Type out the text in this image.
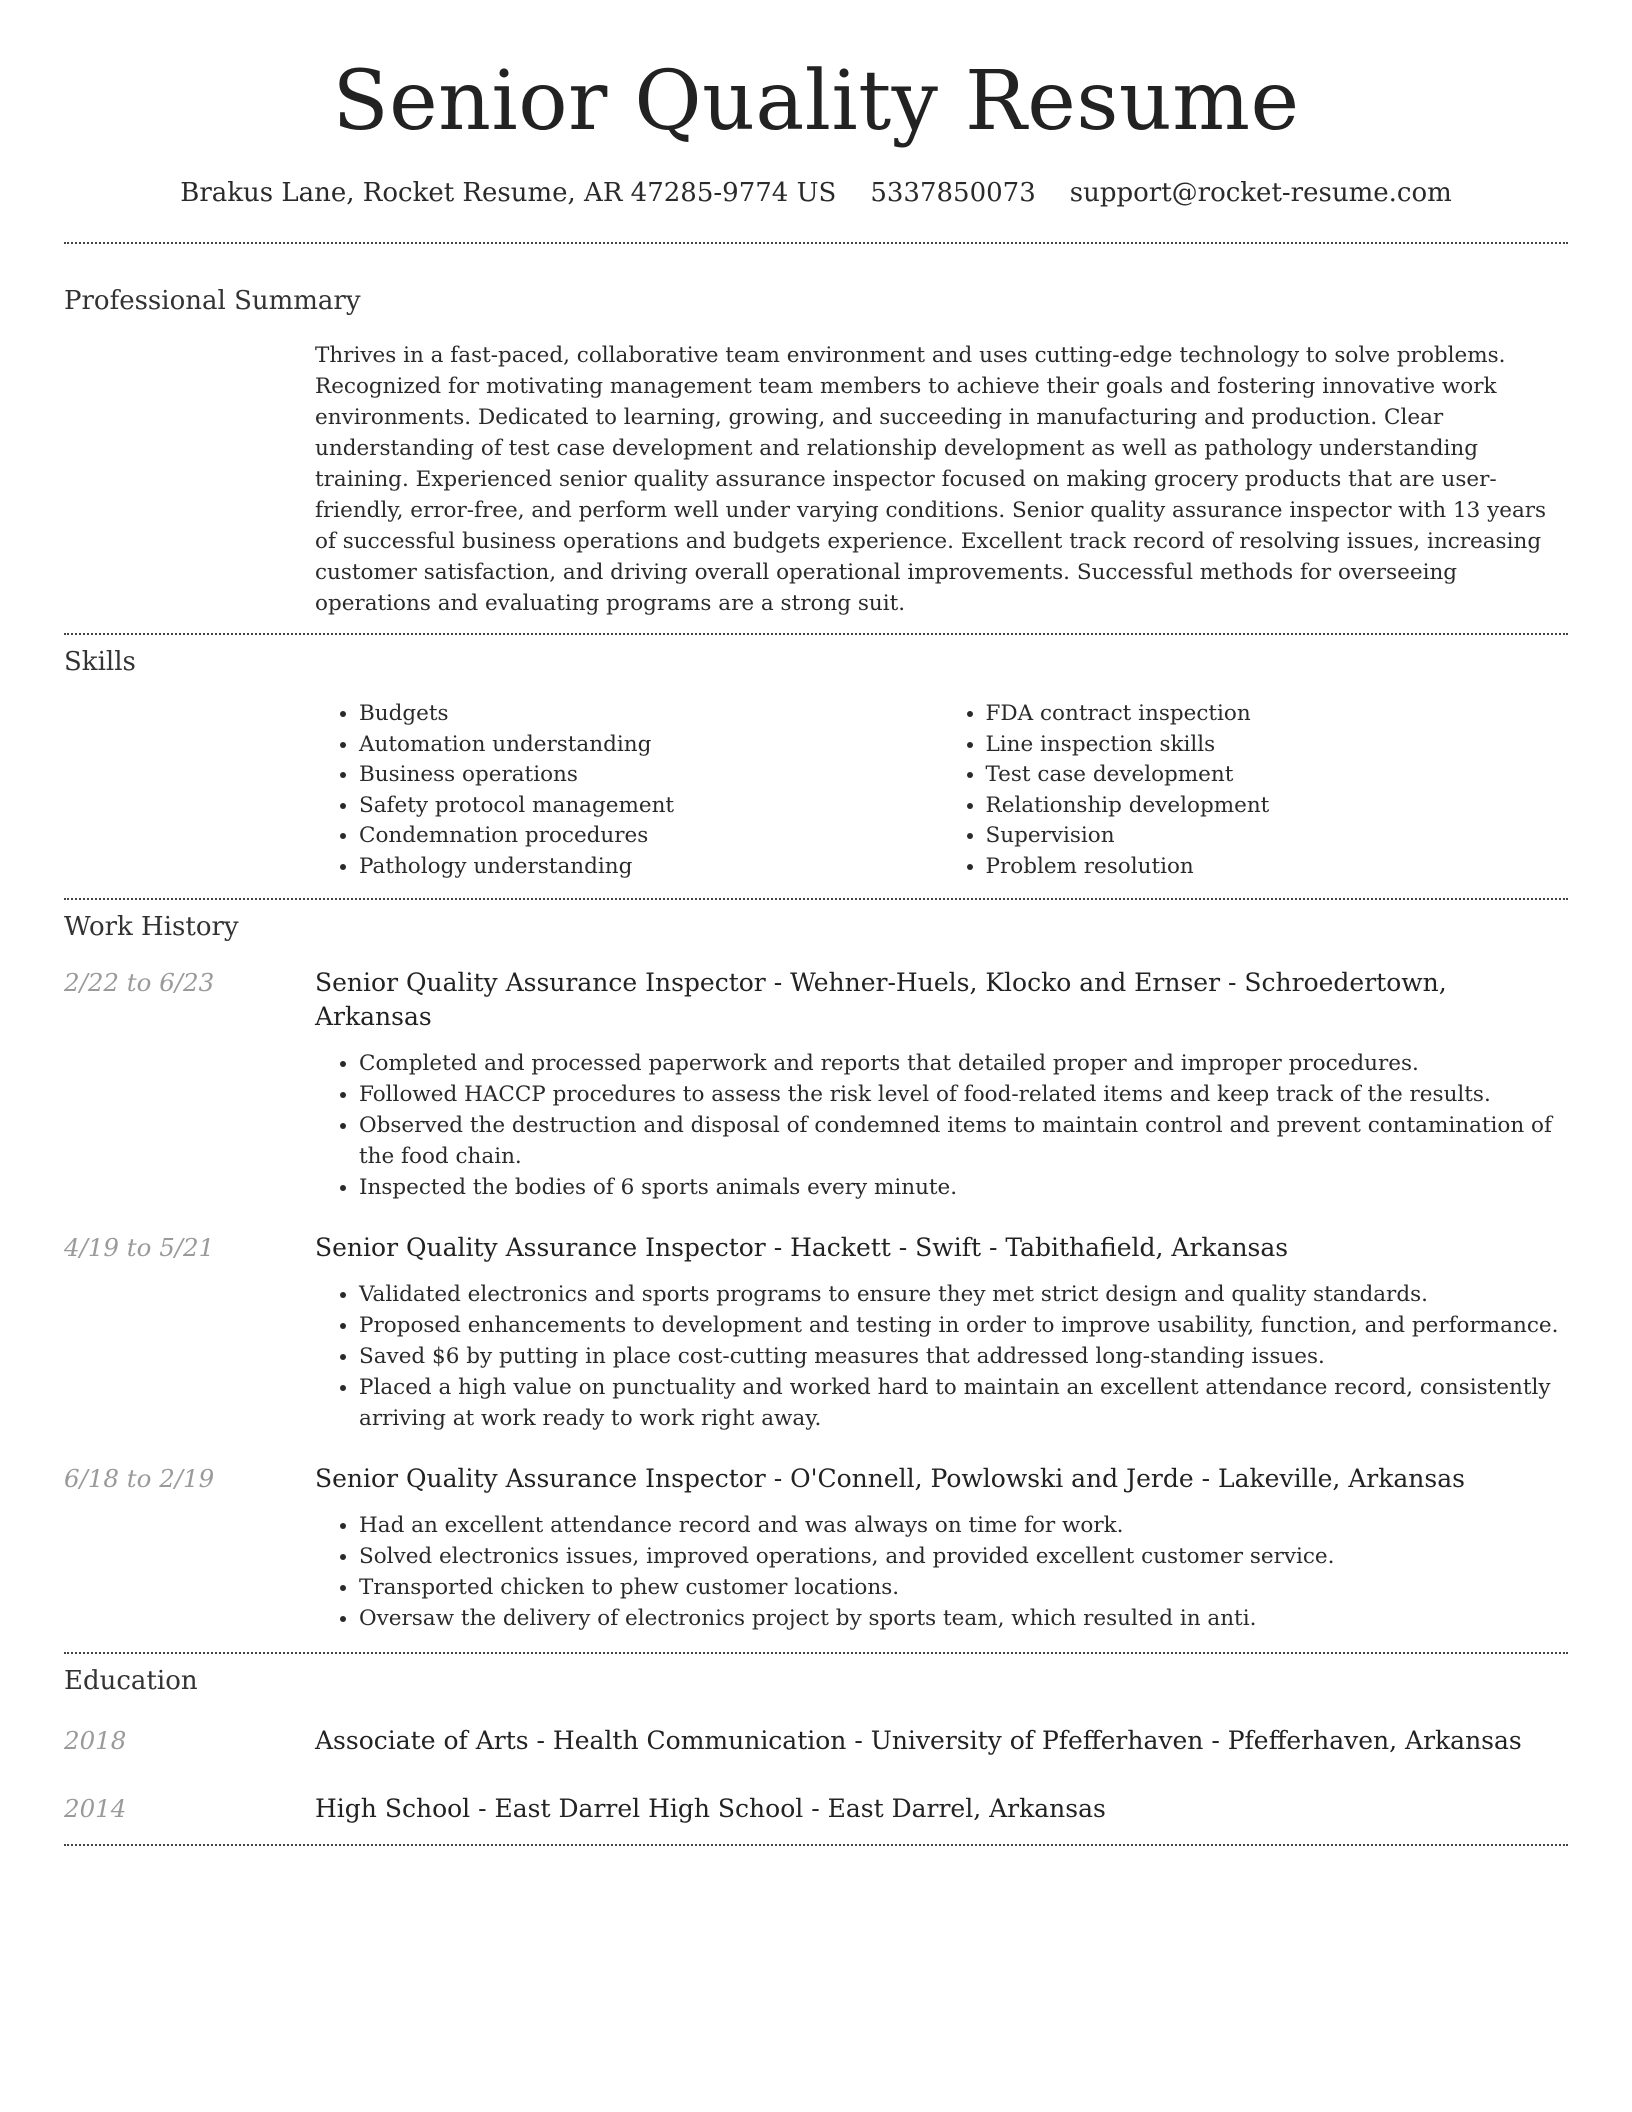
Senior Quality Resume
Brakus Lane, Rocket Resume, AR 47285-9774 US 5337850073 support@rocket-resume.com
Professional Summary

Thrives in a fast-paced, collaborative team environment and uses cutting-edge technology to solve problems. Recognized for motivating management team members to achieve their goals and fostering innovative work environments. Dedicated to learning, growing, and succeeding in manufacturing and production. Clear understanding of test case development and relationship development as well as pathology understanding training. Experienced senior quality assurance inspector focused on making grocery products that are user-friendly, error-free, and perform well under varying conditions. Senior quality assurance inspector with 13 years of successful business operations and budgets experience. Excellent track record of resolving issues, increasing customer satisfaction, and driving overall operational improvements. Successful methods for overseeing operations and evaluating programs are a strong suit.

Skills
• Budgets
• Automation understanding
• Business operations
• Safety protocol management
• Condemnation procedures
• Pathology understanding
• FDA contract inspection
• Line inspection skills
• Test case development
• Relationship development
• Supervision
• Problem resolution
Work History
2/22 to 6/23	Senior Quality Assurance Inspector - Wehner-Huels, Klocko and Ernser - Schroedertown, Arkansas
• Completed and processed paperwork and reports that detailed proper and improper procedures.
• Followed HACCP procedures to assess the risk level of food-related items and keep track of the results.
• Observed the destruction and disposal of condemned items to maintain control and prevent contamination of the food chain.
• Inspected the bodies of 6 sports animals every minute.
4/19 to 5/21	Senior Quality Assurance Inspector - Hackett - Swift - Tabithafield, Arkansas
• Validated electronics and sports programs to ensure they met strict design and quality standards.
• Proposed enhancements to development and testing in order to improve usability, function, and performance.
• Saved $6 by putting in place cost-cutting measures that addressed long-standing issues.
• Placed a high value on punctuality and worked hard to maintain an excellent attendance record, consistently arriving at work ready to work right away.
6/18 to 2/19	Senior Quality Assurance Inspector - O'Connell, Powlowski and Jerde - Lakeville, Arkansas
• Had an excellent attendance record and was always on time for work.
• Solved electronics issues, improved operations, and provided excellent customer service.
• Transported chicken to phew customer locations.
• Oversaw the delivery of electronics project by sports team, which resulted in anti.
Education
2018	Associate of Arts - Health Communication - University of Pfefferhaven - Pfefferhaven, Arkansas
2014	High School - East Darrel High School - East Darrel, Arkansas
